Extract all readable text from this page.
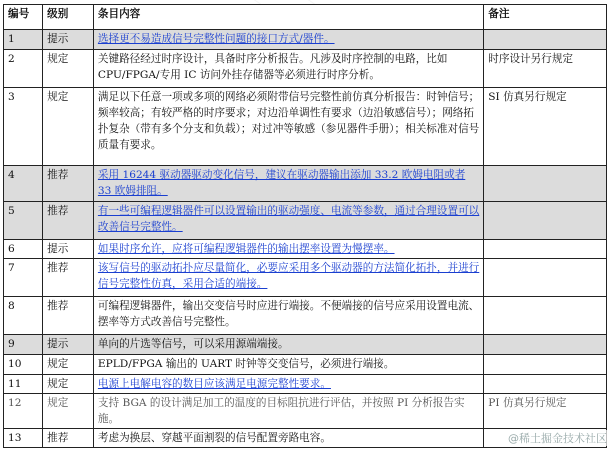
编号	级别	条目内容	备注
1	提示	选择更不易造成信号完整性问题的接口方式/器件。	
2	规定	关键路径经过时序设计，具备时序分析报告。凡涉及时序控制的电路，比如CPU/FPGA/专用 IC 访问外挂存储器等必须进行时序分析。	时序设计另行规定
3	规定	满足以下任意一项或多项的网络必须附带信号完整性前仿真分析报告：时钟信号；频率较高；有较严格的时序要求；对边沿单调性有要求（边沿敏感信号）；网络拓扑复杂（带有多个分支和负载）；对过冲等敏感（参见器件手册）；相关标准对信号质量有要求。	SI 仿真另行规定
4	推荐	采用 16244 驱动器驱动变化信号，建议在驱动器输出添加 33.2 欧姆电阻或者 33 欧姆排阻。	
5	推荐	有一些可编程逻辑器件可以设置输出的驱动强度、电流等参数，通过合理设置可以改善信号完整性。	
6	提示	如果时序允许，应将可编程逻辑器件的输出摆率设置为慢摆率。	
7	推荐	该写信号的驱动拓扑应尽量简化，必要应采用多个驱动器的方法简化拓扑，并进行信号完整性仿真，采用合适的端接。	
8	推荐	可编程逻辑器件，输出交变信号时应进行端接。不便端接的信号应采用设置电流、摆率等方式改善信号完整性。	
9	提示	单向的片选等信号，可以采用源端端接。	
10	规定	EPLD/FPGA 输出的 UART 时钟等交变信号，必须进行端接。	
11	规定	电源上电解电容的数目应该满足电源完整性要求。	
12	规定	支持 BGA 的设计满足加工的温度的目标阻抗进行评估，并按照 PI 分析报告实施。	PI 仿真另行规定
13	推荐	考虑为换层、穿越平面割裂的信号配置旁路电容。		@稀土掘金技术社区
